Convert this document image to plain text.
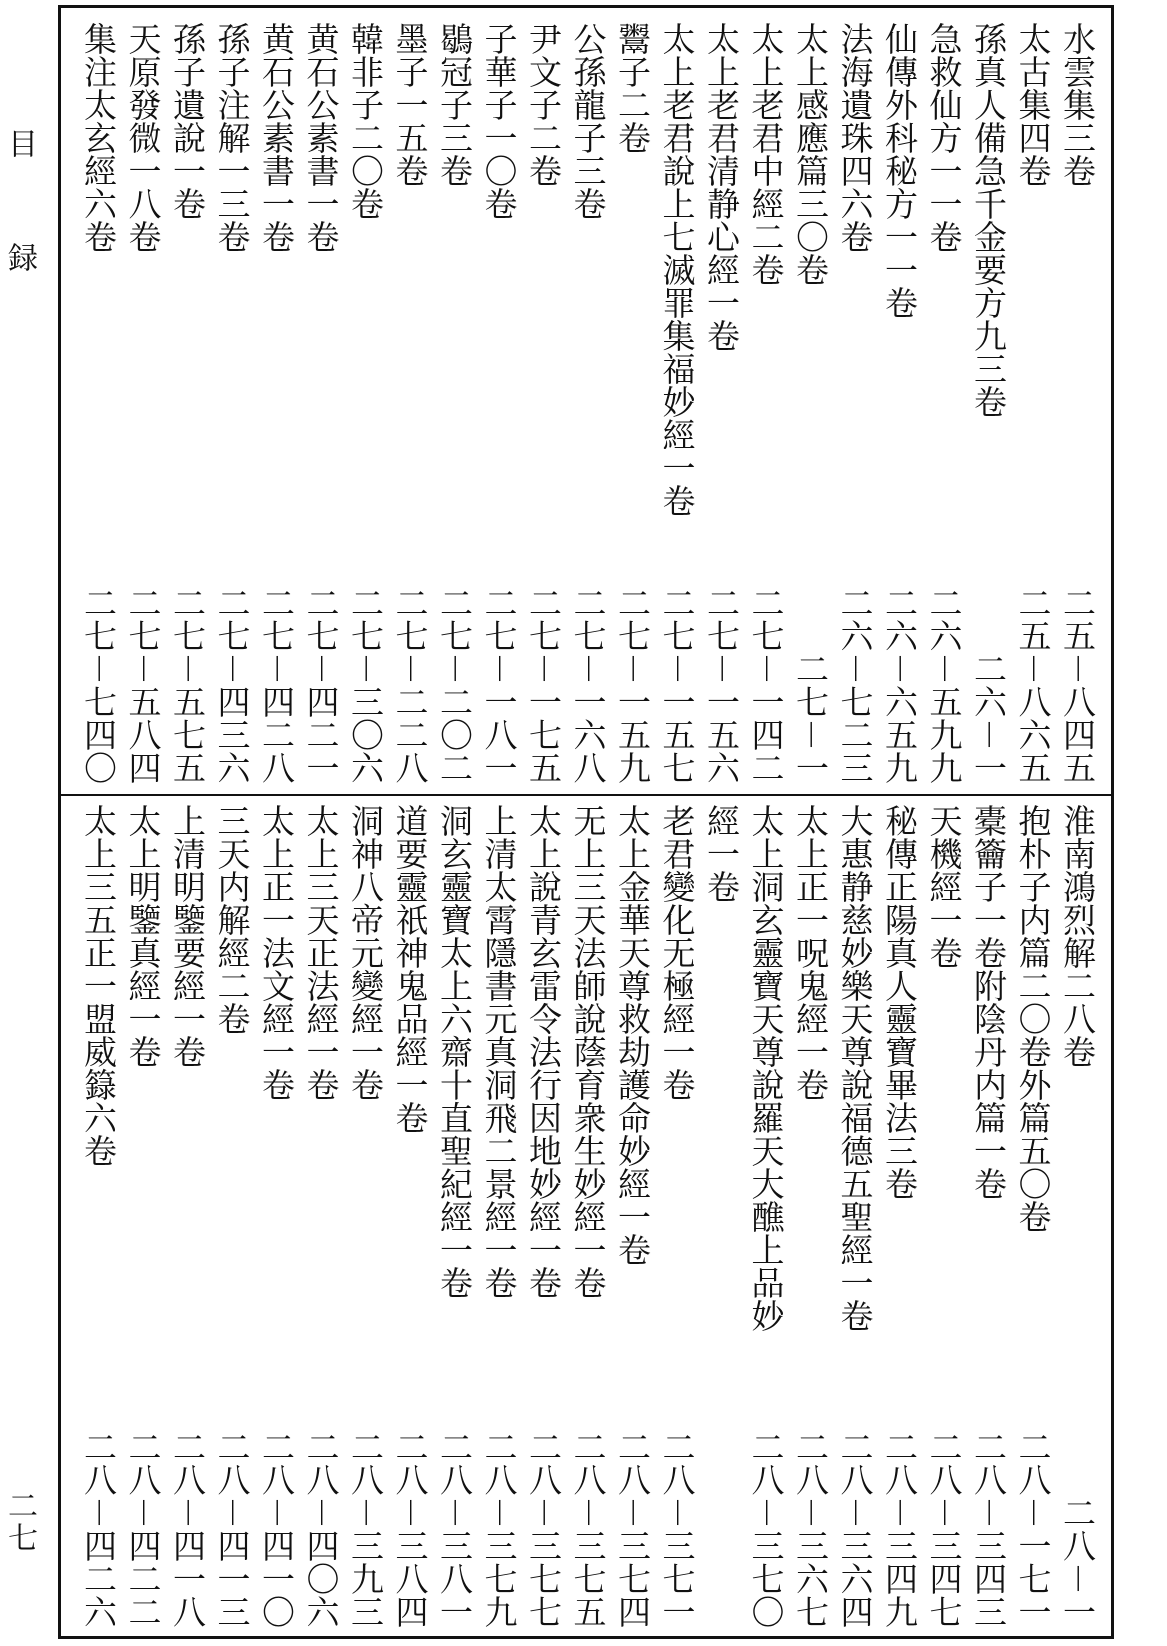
目録
二七
水雲集三卷
二五－八四五
太古集四卷
二五－八六五
孫真人備急千金要方九三卷
二六－一
急救仙方一一卷
二六－五九九
仙傳外科秘方一一卷
二六－六五九
法海遺珠四六卷
二六－七二三
太上感應篇三〇卷
二七－一
太上老君中經二卷
二七－一四二
太上老君清静心經一卷
二七－一五六
太上老君說上七滅罪集福妙經一卷
二七－一五七
鬻子二卷
二七－一五九
公孫龍子三卷
二七－一六八
尹文子二卷
二七－一七五
子華子一〇卷
二七－一八一
鶡冠子三卷
二七－二〇二
墨子一五卷
二七－二二八
韓非子二〇卷
二七－三〇六
黄石公素書一卷
二七－四二一
黄石公素書一卷
二七－四二八
孫子注解一三卷
二七－四三六
孫子遺說一卷
二七－五七五
天原發微一八卷
二七－五八四
集注太玄經六卷
二七－七四〇
淮南鴻烈解二八卷
二八－一
抱朴子内篇二〇卷外篇五〇卷
二八－一七一
橐籥子一卷附陰丹内篇一卷
二八－三四三
天機經一卷
二八－三四七
秘傳正陽真人靈寶畢法三卷
二八－三四九
大惠静慈妙樂天尊說福德五聖經一卷
二八－三六四
太上正一呪鬼經一卷
二八－三六七
太上洞玄靈寶天尊說羅天大醮上品妙
二八－三七〇
經一卷
老君變化无極經一卷
二八－三七一
太上金華天尊救劫護命妙經一卷
二八－三七四
无上三天法師說蔭育衆生妙經一卷
二八－三七五
太上說青玄雷令法行因地妙經一卷
二八－三七七
上清太霄隱書元真洞飛二景經一卷
二八－三七九
洞玄靈寶太上六齋十直聖紀經一卷
二八－三八一
道要靈祇神鬼品經一卷
二八－三八四
洞神八帝元變經一卷
二八－三九三
太上三天正法經一卷
二八－四〇六
太上正一法文經一卷
二八－四一〇
三天内解經二卷
二八－四一三
上清明鑒要經一卷
二八－四一八
太上明鑒真經一卷
二八－四二二
太上三五正一盟威籙六卷
二八－四二六
